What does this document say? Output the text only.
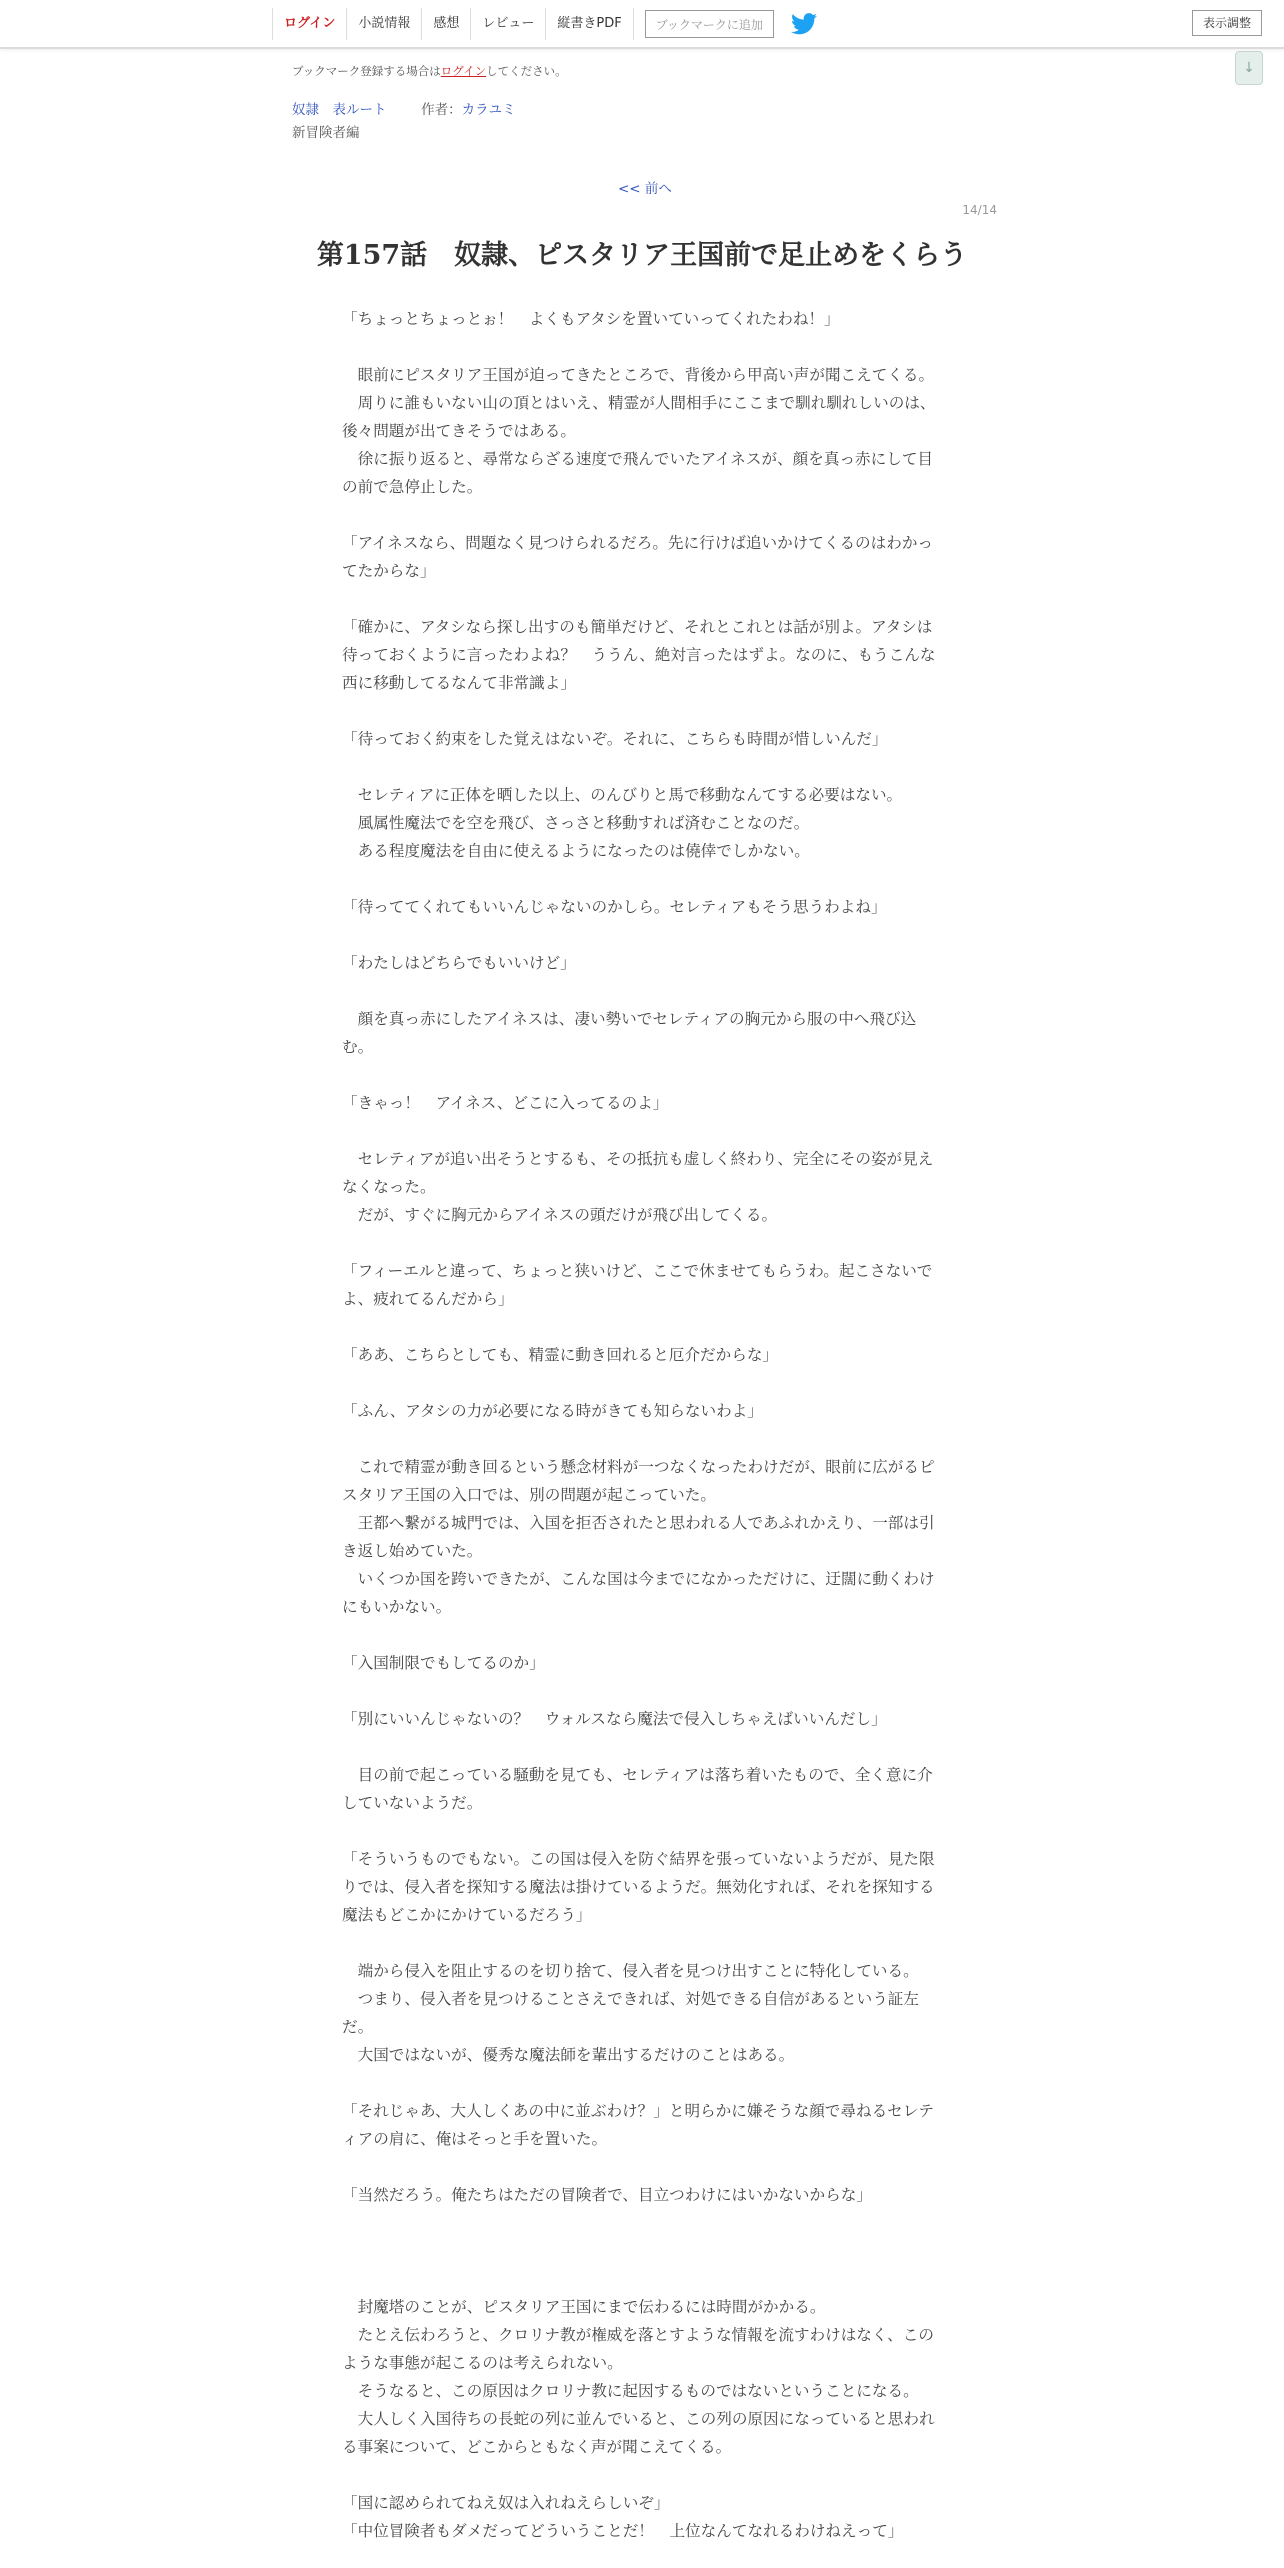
ログイン	小説情報	感想	レビュー	縦書きPDF	ブックマークに追加	表示調整
↓
ブックマーク登録する場合はログインしてください。
奴隷　表ルート	作者：カラユミ
新冒険者編
<< 前へ
14/14
第157話　奴隷、ピスタリア王国前で足止めをくらう

「ちょっとちょっとぉ！　よくもアタシを置いていってくれたわね！」

　眼前にピスタリア王国が迫ってきたところで、背後から甲高い声が聞こえてくる。

　周りに誰もいない山の頂とはいえ、精霊が人間相手にここまで馴れ馴れしいのは、後々問題が出てきそうではある。

　徐に振り返ると、尋常ならざる速度で飛んでいたアイネスが、顔を真っ赤にして目の前で急停止した。

「アイネスなら、問題なく見つけられるだろ。先に行けば追いかけてくるのはわかってたからな」

「確かに、アタシなら探し出すのも簡単だけど、それとこれとは話が別よ。アタシは待っておくように言ったわよね？　ううん、絶対言ったはずよ。なのに、もうこんな西に移動してるなんて非常識よ」

「待っておく約束をした覚えはないぞ。それに、こちらも時間が惜しいんだ」

　セレティアに正体を晒した以上、のんびりと馬で移動なんてする必要はない。

　風属性魔法でを空を飛び、さっさと移動すれば済むことなのだ。

　ある程度魔法を自由に使えるようになったのは僥倖でしかない。

「待っててくれてもいいんじゃないのかしら。セレティアもそう思うわよね」

「わたしはどちらでもいいけど」

　顔を真っ赤にしたアイネスは、凄い勢いでセレティアの胸元から服の中へ飛び込む。

「きゃっ！　アイネス、どこに入ってるのよ」

　セレティアが追い出そうとするも、その抵抗も虚しく終わり、完全にその姿が見えなくなった。

　だが、すぐに胸元からアイネスの頭だけが飛び出してくる。

「フィーエルと違って、ちょっと狭いけど、ここで休ませてもらうわ。起こさないでよ、疲れてるんだから」

「ああ、こちらとしても、精霊に動き回れると厄介だからな」

「ふん、アタシの力が必要になる時がきても知らないわよ」

　これで精霊が動き回るという懸念材料が一つなくなったわけだが、眼前に広がるピスタリア王国の入口では、別の問題が起こっていた。

　王都へ繋がる城門では、入国を拒否されたと思われる人であふれかえり、一部は引き返し始めていた。

　いくつか国を跨いできたが、こんな国は今までになかっただけに、迂闊に動くわけにもいかない。

「入国制限でもしてるのか」

「別にいいんじゃないの？　ウォルスなら魔法で侵入しちゃえばいいんだし」

　目の前で起こっている騒動を見ても、セレティアは落ち着いたもので、全く意に介していないようだ。

「そういうものでもない。この国は侵入を防ぐ結界を張っていないようだが、見た限りでは、侵入者を探知する魔法は掛けているようだ。無効化すれば、それを探知する魔法もどこかにかけているだろう」

　端から侵入を阻止するのを切り捨て、侵入者を見つけ出すことに特化している。

　つまり、侵入者を見つけることさえできれば、対処できる自信があるという証左だ。

　大国ではないが、優秀な魔法師を輩出するだけのことはある。

「それじゃあ、大人しくあの中に並ぶわけ？」と明らかに嫌そうな顔で尋ねるセレティアの肩に、俺はそっと手を置いた。

「当然だろう。俺たちはただの冒険者で、目立つわけにはいかないからな」

　封魔塔のことが、ピスタリア王国にまで伝わるには時間がかかる。

　たとえ伝わろうと、クロリナ教が権威を落とすような情報を流すわけはなく、このような事態が起こるのは考えられない。

　そうなると、この原因はクロリナ教に起因するものではないということになる。

　大人しく入国待ちの長蛇の列に並んでいると、この列の原因になっていると思われる事案について、どこからともなく声が聞こえてくる。

「国に認められてねえ奴は入れねえらしいぞ」

「中位冒険者もダメだってどういうことだ！　上位なんてなれるわけねえって」
